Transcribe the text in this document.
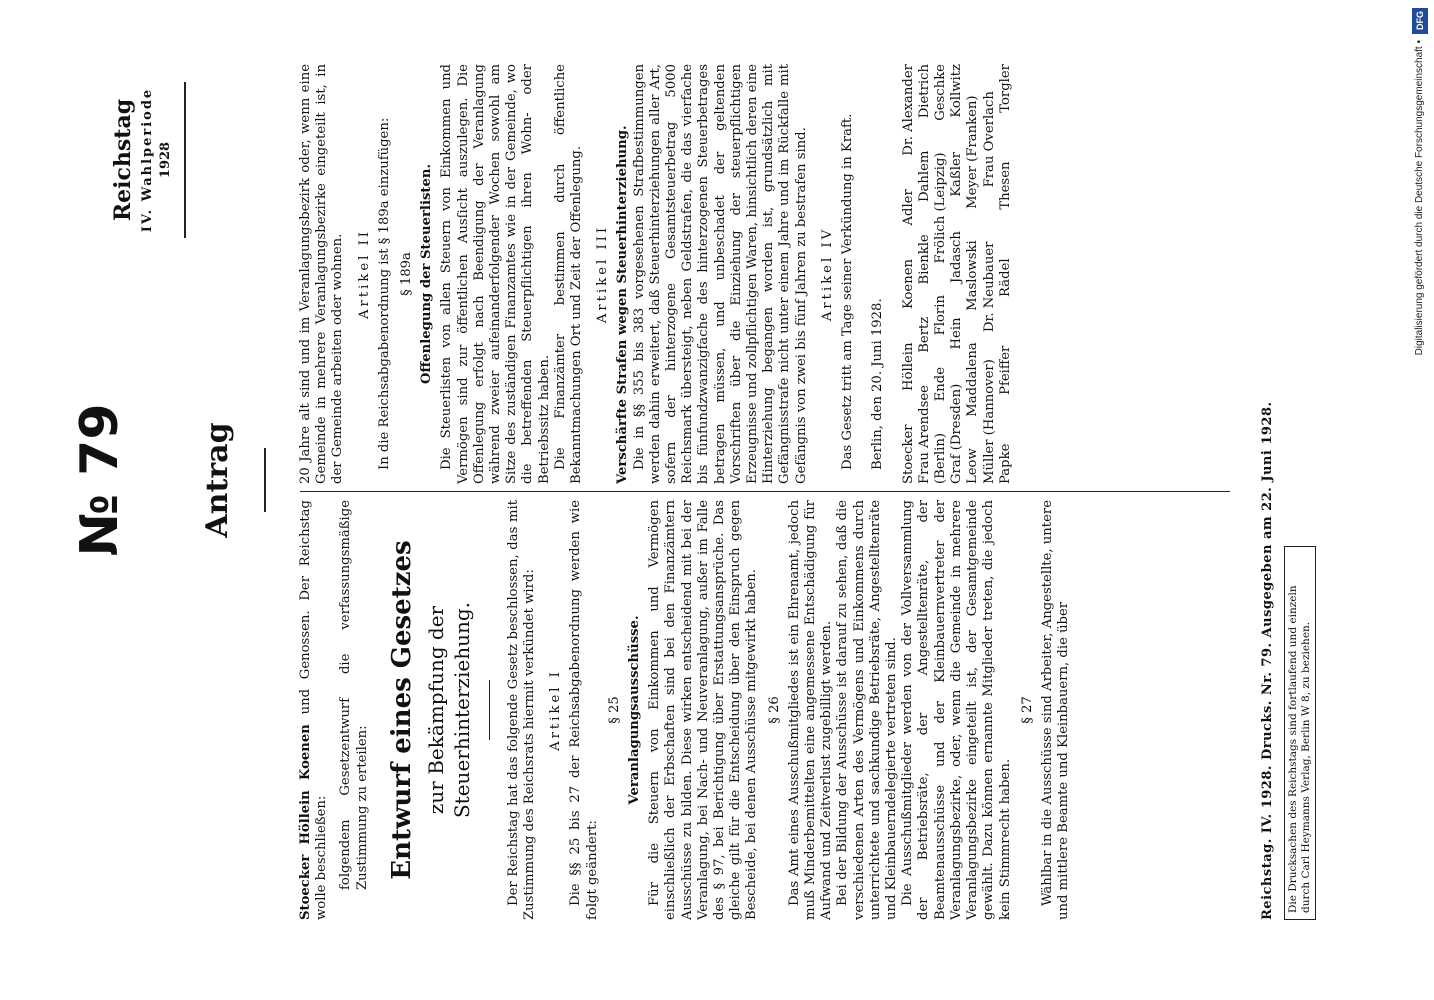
DFG
Digitalisierung gefördert durch die Deutsche Forschungsgemeinschaft •
№ 79
Reichstag IV. Wahlperiode 1928
Antrag

Stoecker Höllein Koenen und Genossen. Der Reichstag wolle beschließen: folgendem Gesetzentwurf die verfassungsmäßige Zustimmung zu erteilen: Entwurf eines Gesetzes zur Bekämpfung der Steuerhinterziehung. Der Reichstag hat das folgende Gesetz beschlossen, das mit Zustimmung des Reichsrats hiermit verkündet wird: Artikel I Die §§ 25 bis 27 der Reichsabgabenordnung werden wie folgt geändert:

§ 25 Veranlagungsausschüsse. Für die Steuern von Einkommen und Vermögen einschließlich der Erbschaften sind bei den Finanzämtern Ausschüsse zu bilden. Diese wirken entscheidend mit bei der Veranlagung, bei Nach- und Neuveranlagung, außer im Falle des § 97, bei Berichtigung über Erstattungsansprüche. Das gleiche gilt für die Entscheidung über den Einspruch gegen Bescheide, bei denen Ausschüsse mitgewirkt haben. § 26 Das Amt eines Ausschußmitgliedes ist ein Ehrenamt, jedoch muß Minderbemittelten eine angemessene Entschädigung für Aufwand und Zeitverlust zugebilligt werden. Bei der Bildung der Ausschüsse ist darauf zu sehen, daß die verschiedenen Arten des Vermögens und Einkommens durch unterrichtete und sachkundige Betriebsräte, Angestelltenräte und Kleinbauerndelegierte vertreten sind. Die Ausschußmitglieder werden von der Vollversammlung der Betriebsräte, der Angestelltenräte, der Beamtenausschüsse und der Kleinbauernvertreter der Veranlagungsbezirke, oder, wenn die Gemeinde in mehrere Veranlagungsbezirke eingeteilt ist, der Gesamtgemeinde gewählt. Dazu können ernannte Mitglieder treten, die jedoch kein Stimmrecht haben.

§ 27 Wählbar in die Ausschüsse sind Arbeiter, Angestellte, untere und mittlere Beamte und Kleinbauern, die über

20 Jahre alt sind und im Veranlagungsbezirk oder, wenn eine Gemeinde in mehrere Veranlagungsbezirke eingeteilt ist, in der Gemeinde arbeiten oder wohnen. Artikel II In die Reichsabgabenordnung ist § 189a einzufügen: § 189a Offenlegung der Steuerlisten. Die Steuerlisten von allen Steuern von Einkommen und Vermögen sind zur öffentlichen Ausſicht auszulegen. Die Offenlegung erfolgt nach Beendigung der Veranlagung während zweier aufeinanderfolgender Wochen sowohl am Sitze des zuständigen Finanzamtes wie in der Gemeinde, wo die betreffenden Steuerpflichtigen ihren Wohn- oder Betriebssitz haben. Die Finanzämter bestimmen durch öffentliche Bekanntmachungen Ort und Zeit der Offenlegung. Artikel III Verschärfte Strafen wegen Steuerhinterziehung. Die in §§ 355 bis 383 vorgesehenen Strafbestimmungen werden dahin erweitert, daß Steuerhinterziehungen aller Art, sofern der hinterzogene Gesamtsteuerbetrag 5000 Reichsmark übersteigt, neben Geldstrafen, die das vierfache bis fünfundzwanzigfache des hinterzogenen Steuerbetrages betragen müssen, und unbeschadet der geltenden Vorschriften über die Einziehung der steuerpflichtigen Erzeugnisse und zollpflichtigen Waren, hinsichtlich deren eine Hinterziehung begangen worden ist, grundsätzlich mit Gefängnisstrafe nicht unter einem Jahre und im Rückfalle mit Gefängnis von zwei bis fünf Jahren zu bestrafen sind. Artikel IV Das Gesetz tritt am Tage seiner Verkündung in Kraft. Berlin, den 20. Juni 1928. Stoecker
Höllein
Koenen
Adler
Dr. Alexander
Frau Arendsee
Bertz
Bienkle
Dahlem
Dietrich
(Berlin)
Ende
Florin
Frölich (Leipzig)
Geschke
Graf (Dresden)
Hein
Jadasch
Kaßler
Kollwitz
Leow
Maddalena
Maslowski
Meyer (Franken)
Müller (Hannover)
Dr. Neubauer
Frau Overlach
Papke
Pfeiffer
Rädel
Thesen
Torgler
Reichstag. IV. 1928. Drucks. Nr. 79. Ausgegeben am 22. Juni 1928. Die Drucksachen des Reichstags sind fortlaufend und einzeln durch Carl Heymanns Verlag, Berlin W 8, zu beziehen.
